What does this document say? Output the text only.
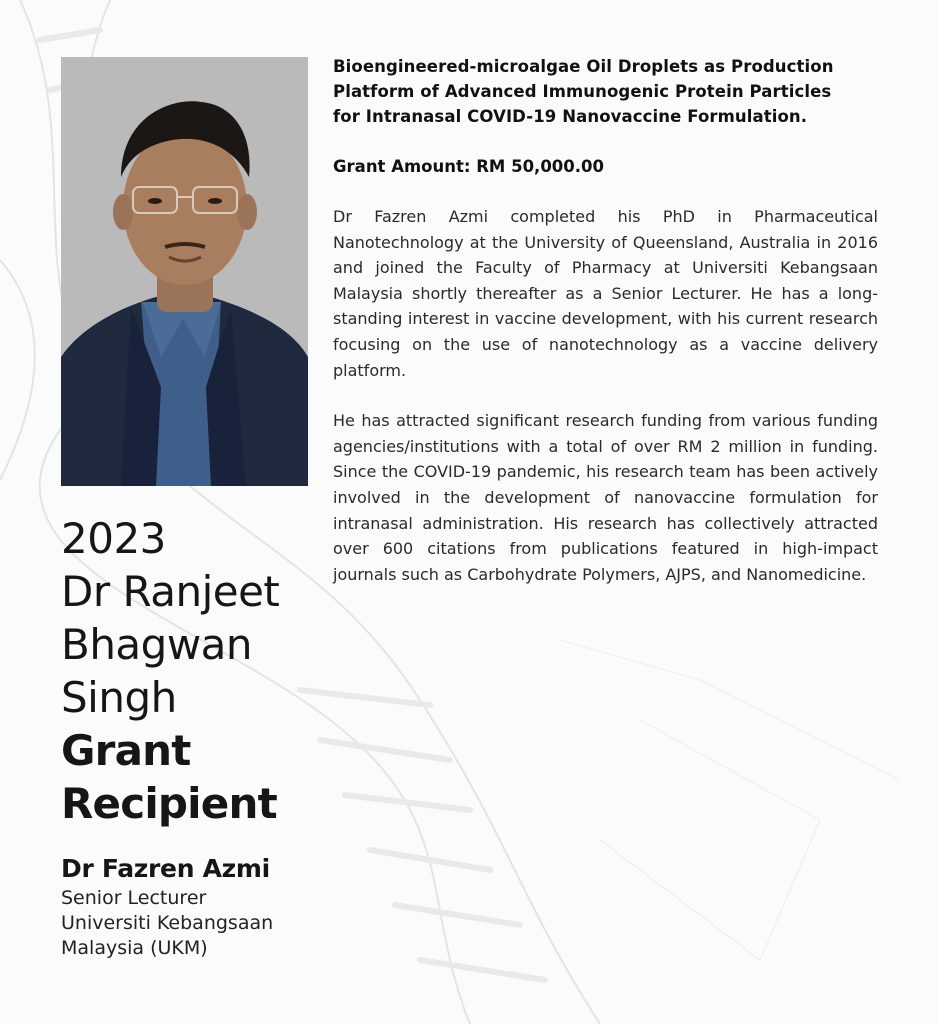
2023
Dr Ranjeet
Bhagwan
Singh
Grant
Recipient
Dr Fazren Azmi
Senior Lecturer
Universiti Kebangsaan
Malaysia (UKM)
Bioengineered-microalgae Oil Droplets as Production
Platform of Advanced Immunogenic Protein Particles
for Intranasal COVID-19 Nanovaccine Formulation.
Grant Amount: RM 50,000.00

Dr Fazren Azmi completed his PhD in Pharmaceutical Nanotechnology at the University of Queensland, Australia in 2016 and joined the Faculty of Pharmacy at Universiti Kebangsaan Malaysia shortly thereafter as a Senior Lecturer. He has a long-standing interest in vaccine development, with his current research focusing on the use of nanotechnology as a vaccine delivery platform.

He has attracted significant research funding from various funding agencies/institutions with a total of over RM 2 million in funding. Since the COVID-19 pandemic, his research team has been actively involved in the development of nanovaccine formulation for intranasal administration. His research has collectively attracted over 600 citations from publications featured in high-impact journals such as Carbohydrate Polymers, AJPS, and Nanomedicine.
